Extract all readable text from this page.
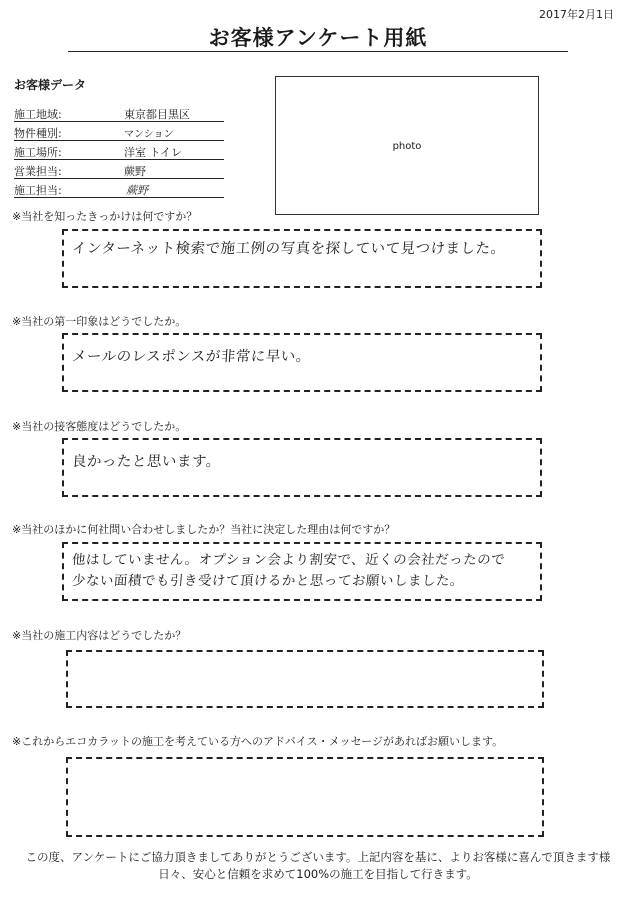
2017年2月1日
お客様アンケート用紙
お客様データ
施工地域:	東京都目黒区
物件種別:	マンション
施工場所:	洋室 トイレ
営業担当:	蕨野
施工担当:	蕨野
photo
※当社を知ったきっかけは何ですか？
インターネット検索で施工例の写真を探していて見つけました。
※当社の第一印象はどうでしたか。
メールのレスポンスが非常に早い。
※当社の接客態度はどうでしたか。
良かったと思います。
※当社のほかに何社問い合わせしましたか？当社に決定した理由は何ですか？
他はしていません。オプション会より割安で、近くの会社だったので
少ない面積でも引き受けて頂けるかと思ってお願いしました。
※当社の施工内容はどうでしたか？
※これからエコカラットの施工を考えている方へのアドバイス・メッセージがあればお願いします。
この度、アンケートにご協力頂きましてありがとうございます。上記内容を基に、よりお客様に喜んで頂きます様
日々、安心と信頼を求めて100%の施工を目指して行きます。
